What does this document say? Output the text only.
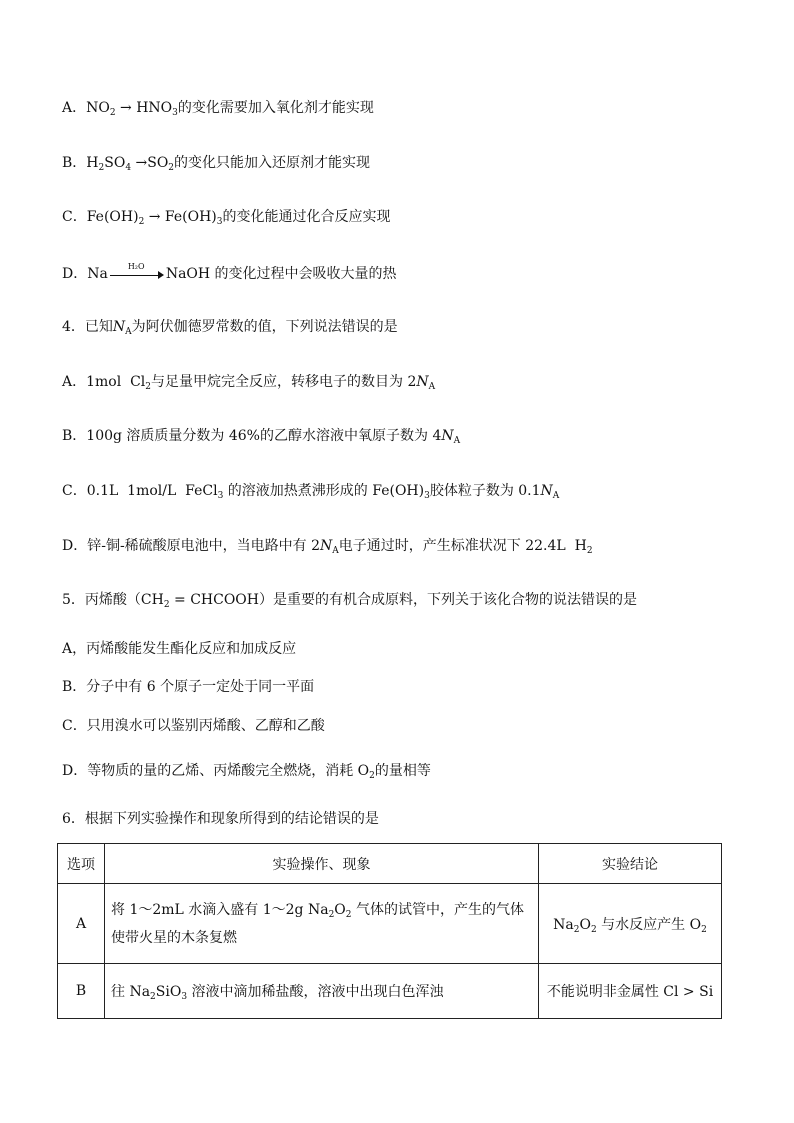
A．$NO_2 \to HNO_3$的变化需要加入氧化剂才能实现
B．$H_2SO_4 \to SO_2$的变化只能加入还原剂才能实现
C．$Fe(OH)_2 \to Fe(OH)_3$的变化能通过化合反应实现
D．Na	H₂O NaOH 的变化过程中会吸收大量的热
4．已知$N_A$为阿伏伽德罗常数的值，下列说法错误的是
A．1mol  $Cl_2$与足量甲烷完全反应，转移电子的数目为 $2N_A$
B．100g 溶质质量分数为 46%的乙醇水溶液中氧原子数为 $4N_A$
C．0.1L  1mol/L  FeCl$_3$ 的溶液加热煮沸形成的 $Fe(OH)_3$胶体粒子数为 $0.1N_A$
D．锌-铜-稀硫酸原电池中，当电路中有 $2N_A$电子通过时，产生标准状况下 22.4L  $H_2$
5．丙烯酸（$CH_2$ = CHCOOH）是重要的有机合成原料，下列关于该化合物的说法错误的是
A，丙烯酸能发生酯化反应和加成反应
B．分子中有 6 个原子一定处于同一平面
C．只用溴水可以鉴别丙烯酸、乙醇和乙酸
D．等物质的量的乙烯、丙烯酸完全燃烧，消耗 $O_2$的量相等
6．根据下列实验操作和现象所得到的结论错误的是
选项	实验操作、现象	实验结论
A	将 1～2mL 水滴入盛有 1～2g $Na_2O_2$ 气体的试管中，产生的气体使带火星的木条复燃	$Na_2O_2$ 与水反应产生 $O_2$
B	往 $Na_2SiO_3$ 溶液中滴加稀盐酸，溶液中出现白色浑浊	不能说明非金属性 Cl > Si
